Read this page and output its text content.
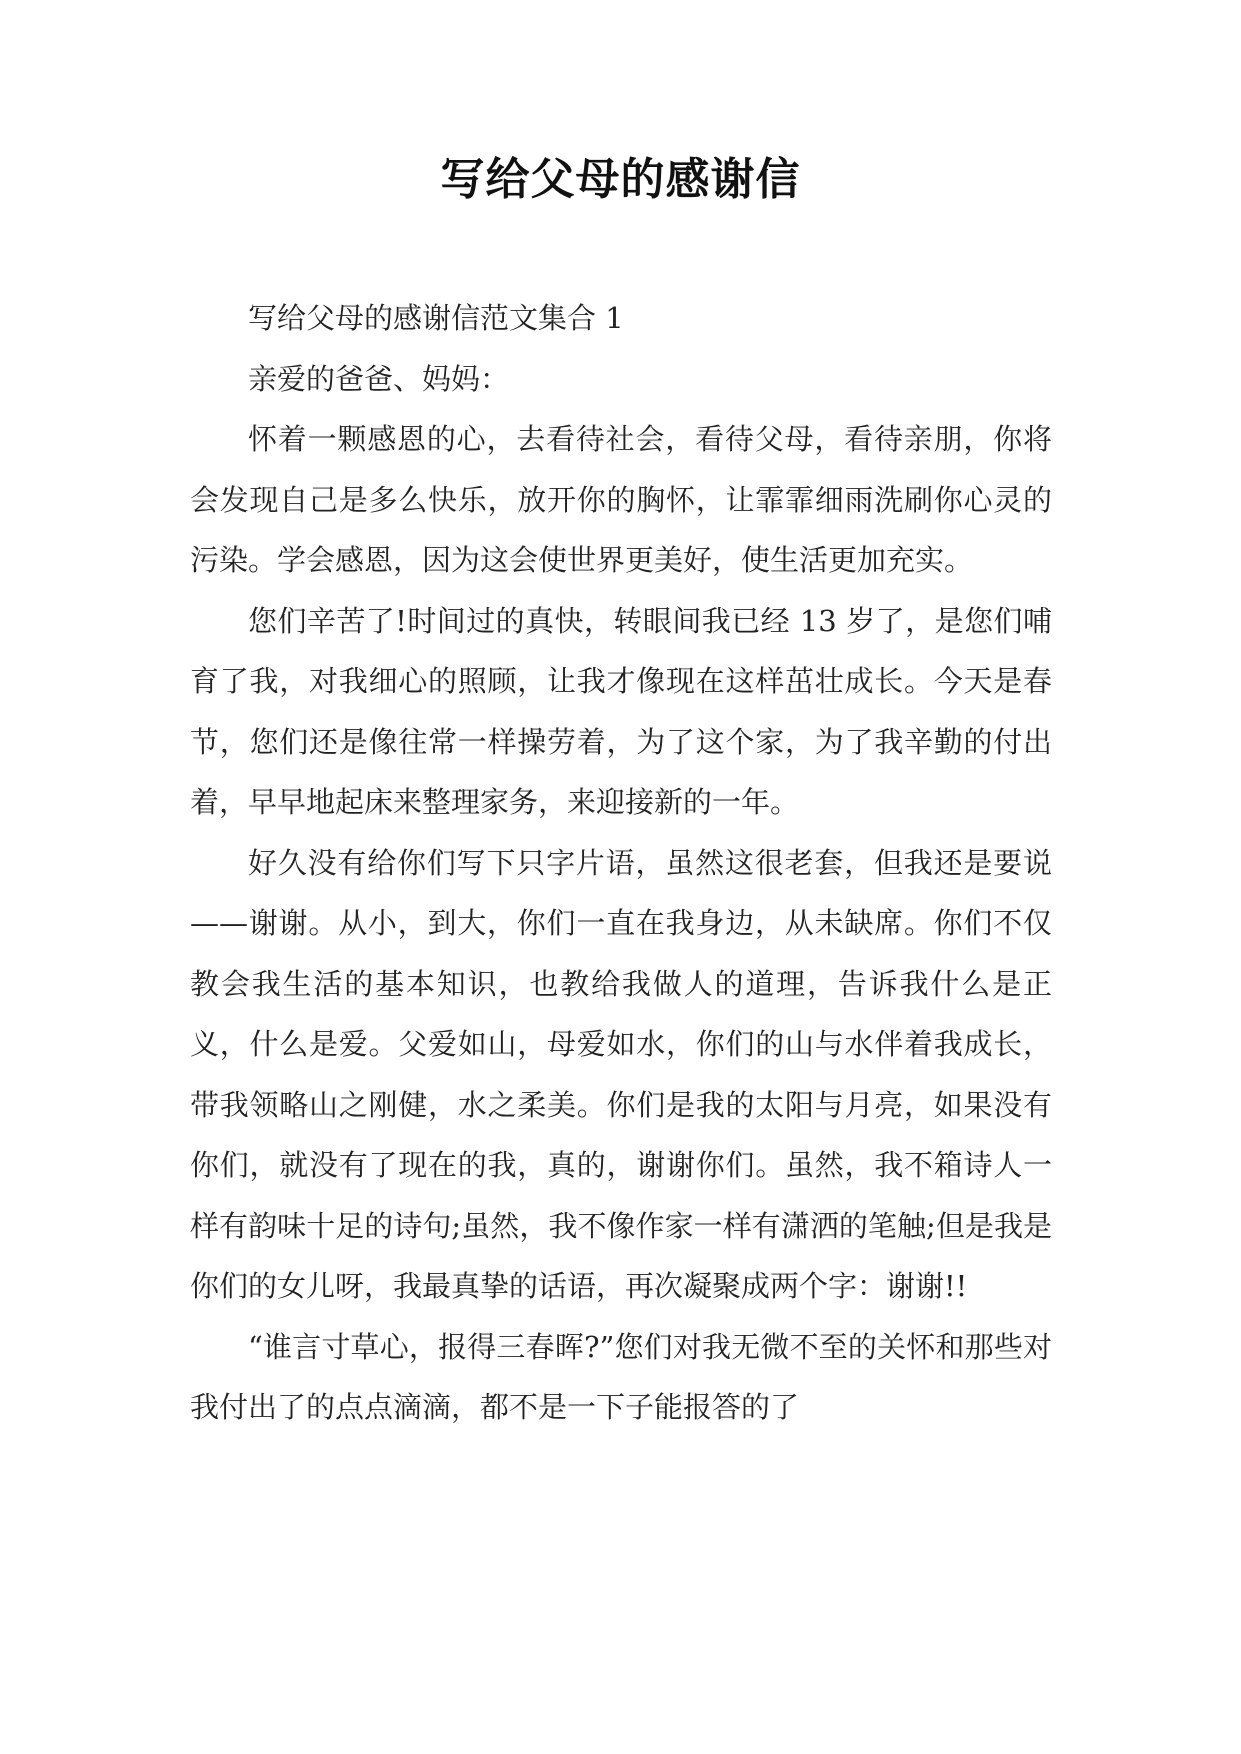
写给父母的感谢信

写给父母的感谢信范文集合 1

亲爱的爸爸、妈妈：

怀着一颗感恩的心，去看待社会，看待父母，看待亲朋，你将会发现自己是多么快乐，放开你的胸怀，让霏霏细雨洗刷你心灵的污染。学会感恩，因为这会使世界更美好，使生活更加充实。

您们辛苦了!时间过的真快，转眼间我已经 13 岁了，是您们哺育了我，对我细心的照顾，让我才像现在这样茁壮成长。今天是春节，您们还是像往常一样操劳着，为了这个家，为了我辛勤的付出着，早早地起床来整理家务，来迎接新的一年。

好久没有给你们写下只字片语，虽然这很老套，但我还是要说——谢谢。从小，到大，你们一直在我身边，从未缺席。你们不仅教会我生活的基本知识，也教给我做人的道理，告诉我什么是正义，什么是爱。父爱如山，母爱如水，你们的山与水伴着我成长，带我领略山之刚健，水之柔美。你们是我的太阳与月亮，如果没有你们，就没有了现在的我，真的，谢谢你们。虽然，我不箱诗人一样有韵味十足的诗句;虽然，我不像作家一样有潇洒的笔触;但是我是你们的女儿呀，我最真挚的话语，再次凝聚成两个字：谢谢!!

“谁言寸草心，报得三春晖?”您们对我无微不至的关怀和那些对我付出了的点点滴滴，都不是一下子能报答的了
